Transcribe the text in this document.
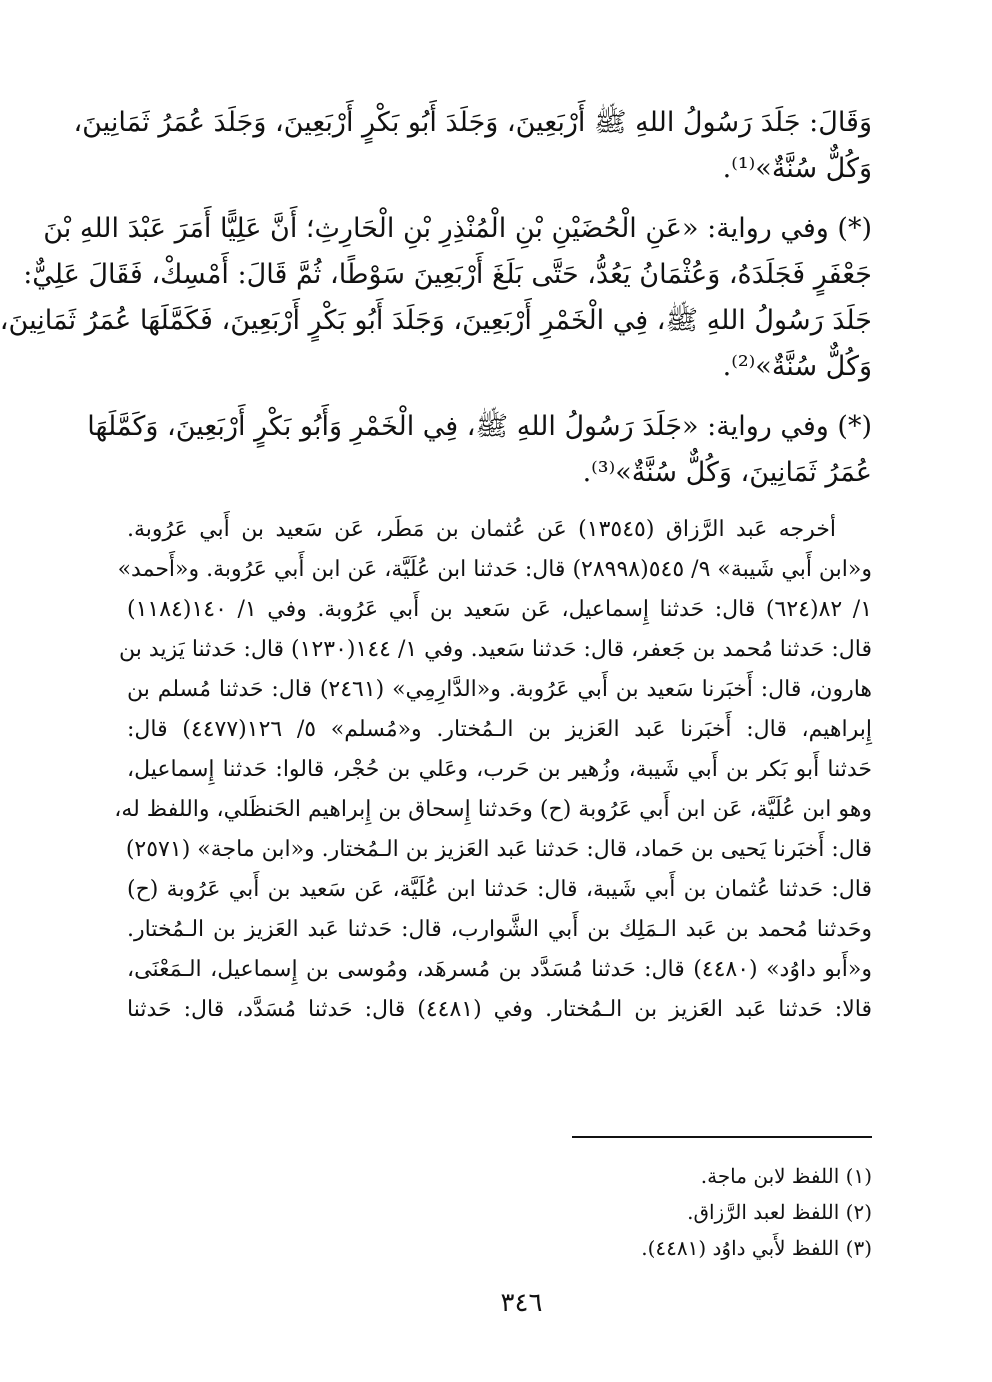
وَقَالَ: جَلَدَ رَسُولُ اللهِ ﷺ أَرْبَعِينَ، وَجَلَدَ أَبُو بَكْرٍ أَرْبَعِينَ، وَجَلَدَ عُمَرُ ثَمَانِينَ،
وَكُلٌّ سُنَّةٌ»⁽¹⁾.
(*) وفي رواية: «عَنِ الْحُضَيْنِ بْنِ الْمُنْذِرِ بْنِ الْحَارِثِ؛ أَنَّ عَلِيًّا أَمَرَ عَبْدَ اللهِ بْنَ
جَعْفَرٍ فَجَلَدَهُ، وَعُثْمَانُ يَعُدُّ، حَتَّى بَلَغَ أَرْبَعِينَ سَوْطًا، ثُمَّ قَالَ: أَمْسِكْ، فَقَالَ عَلِيٌّ:
جَلَدَ رَسُولُ اللهِ ﷺ، فِي الْخَمْرِ أَرْبَعِينَ، وَجَلَدَ أَبُو بَكْرٍ أَرْبَعِينَ، فَكَمَّلَهَا عُمَرُ ثَمَانِينَ،
وَكُلٌّ سُنَّةٌ»⁽²⁾.
(*) وفي رواية: «جَلَدَ رَسُولُ اللهِ ﷺ، فِي الْخَمْرِ وَأَبُو بَكْرٍ أَرْبَعِينَ، وَكَمَّلَهَا
عُمَرُ ثَمَانِينَ، وَكُلٌّ سُنَّةٌ»⁽³⁾.
أخرجه عَبد الرَّزاق (١٣٥٤٥) عَن عُثمان بن مَطَر، عَن سَعيد بن أَبي عَرُوبة.
و«ابن أَبي شَيبة» ٩/ ٥٤٥(٢٨٩٩٨) قال: حَدثنا ابن عُلَيَّة، عَن ابن أَبي عَرُوبة. و«أَحمد»
١/ ٨٢(٦٢٤) قال: حَدثنا إِسماعيل، عَن سَعيد بن أَبي عَرُوبة. وفي ١/ ١٤٠(١١٨٤)
قال: حَدثنا مُحمد بن جَعفر، قال: حَدثنا سَعيد. وفي ١/ ١٤٤(١٢٣٠) قال: حَدثنا يَزيد بن
هارون، قال: أَخبَرنا سَعيد بن أَبي عَرُوبة. و«الدَّارِمِي» (٢٤٦١) قال: حَدثنا مُسلم بن
إِبراهيم، قال: أَخبَرنا عَبد العَزيز بن الـمُختار. و«مُسلم» ٥/ ١٢٦(٤٤٧٧) قال:
حَدثنا أَبو بَكر بن أَبي شَيبة، وزُهير بن حَرب، وعَلي بن حُجْر، قالوا: حَدثنا إِسماعيل،
وهو ابن عُلَيَّة، عَن ابن أَبي عَرُوبة (ح) وحَدثنا إِسحاق بن إِبراهيم الحَنظَلي، واللفظ له،
قال: أَخبَرنا يَحيى بن حَماد، قال: حَدثنا عَبد العَزيز بن الـمُختار. و«ابن ماجة» (٢٥٧١)
قال: حَدثنا عُثمان بن أَبي شَيبة، قال: حَدثنا ابن عُلَيَّة، عَن سَعيد بن أَبي عَرُوبة (ح)
وحَدثنا مُحمد بن عَبد الـمَلِك بن أَبي الشَّوارب، قال: حَدثنا عَبد العَزيز بن الـمُختار.
و«أَبو داوُد» (٤٤٨٠) قال: حَدثنا مُسَدَّد بن مُسرهَد، ومُوسى بن إِسماعيل، الـمَعْنَى،
قالا: حَدثنا عَبد العَزيز بن الـمُختار. وفي (٤٤٨١) قال: حَدثنا مُسَدَّد، قال: حَدثنا
(١) اللفظ لابن ماجة.
(٢) اللفظ لعبد الرَّزاق.
(٣) اللفظ لأَبي داوُد (٤٤٨١).
٣٤٦
